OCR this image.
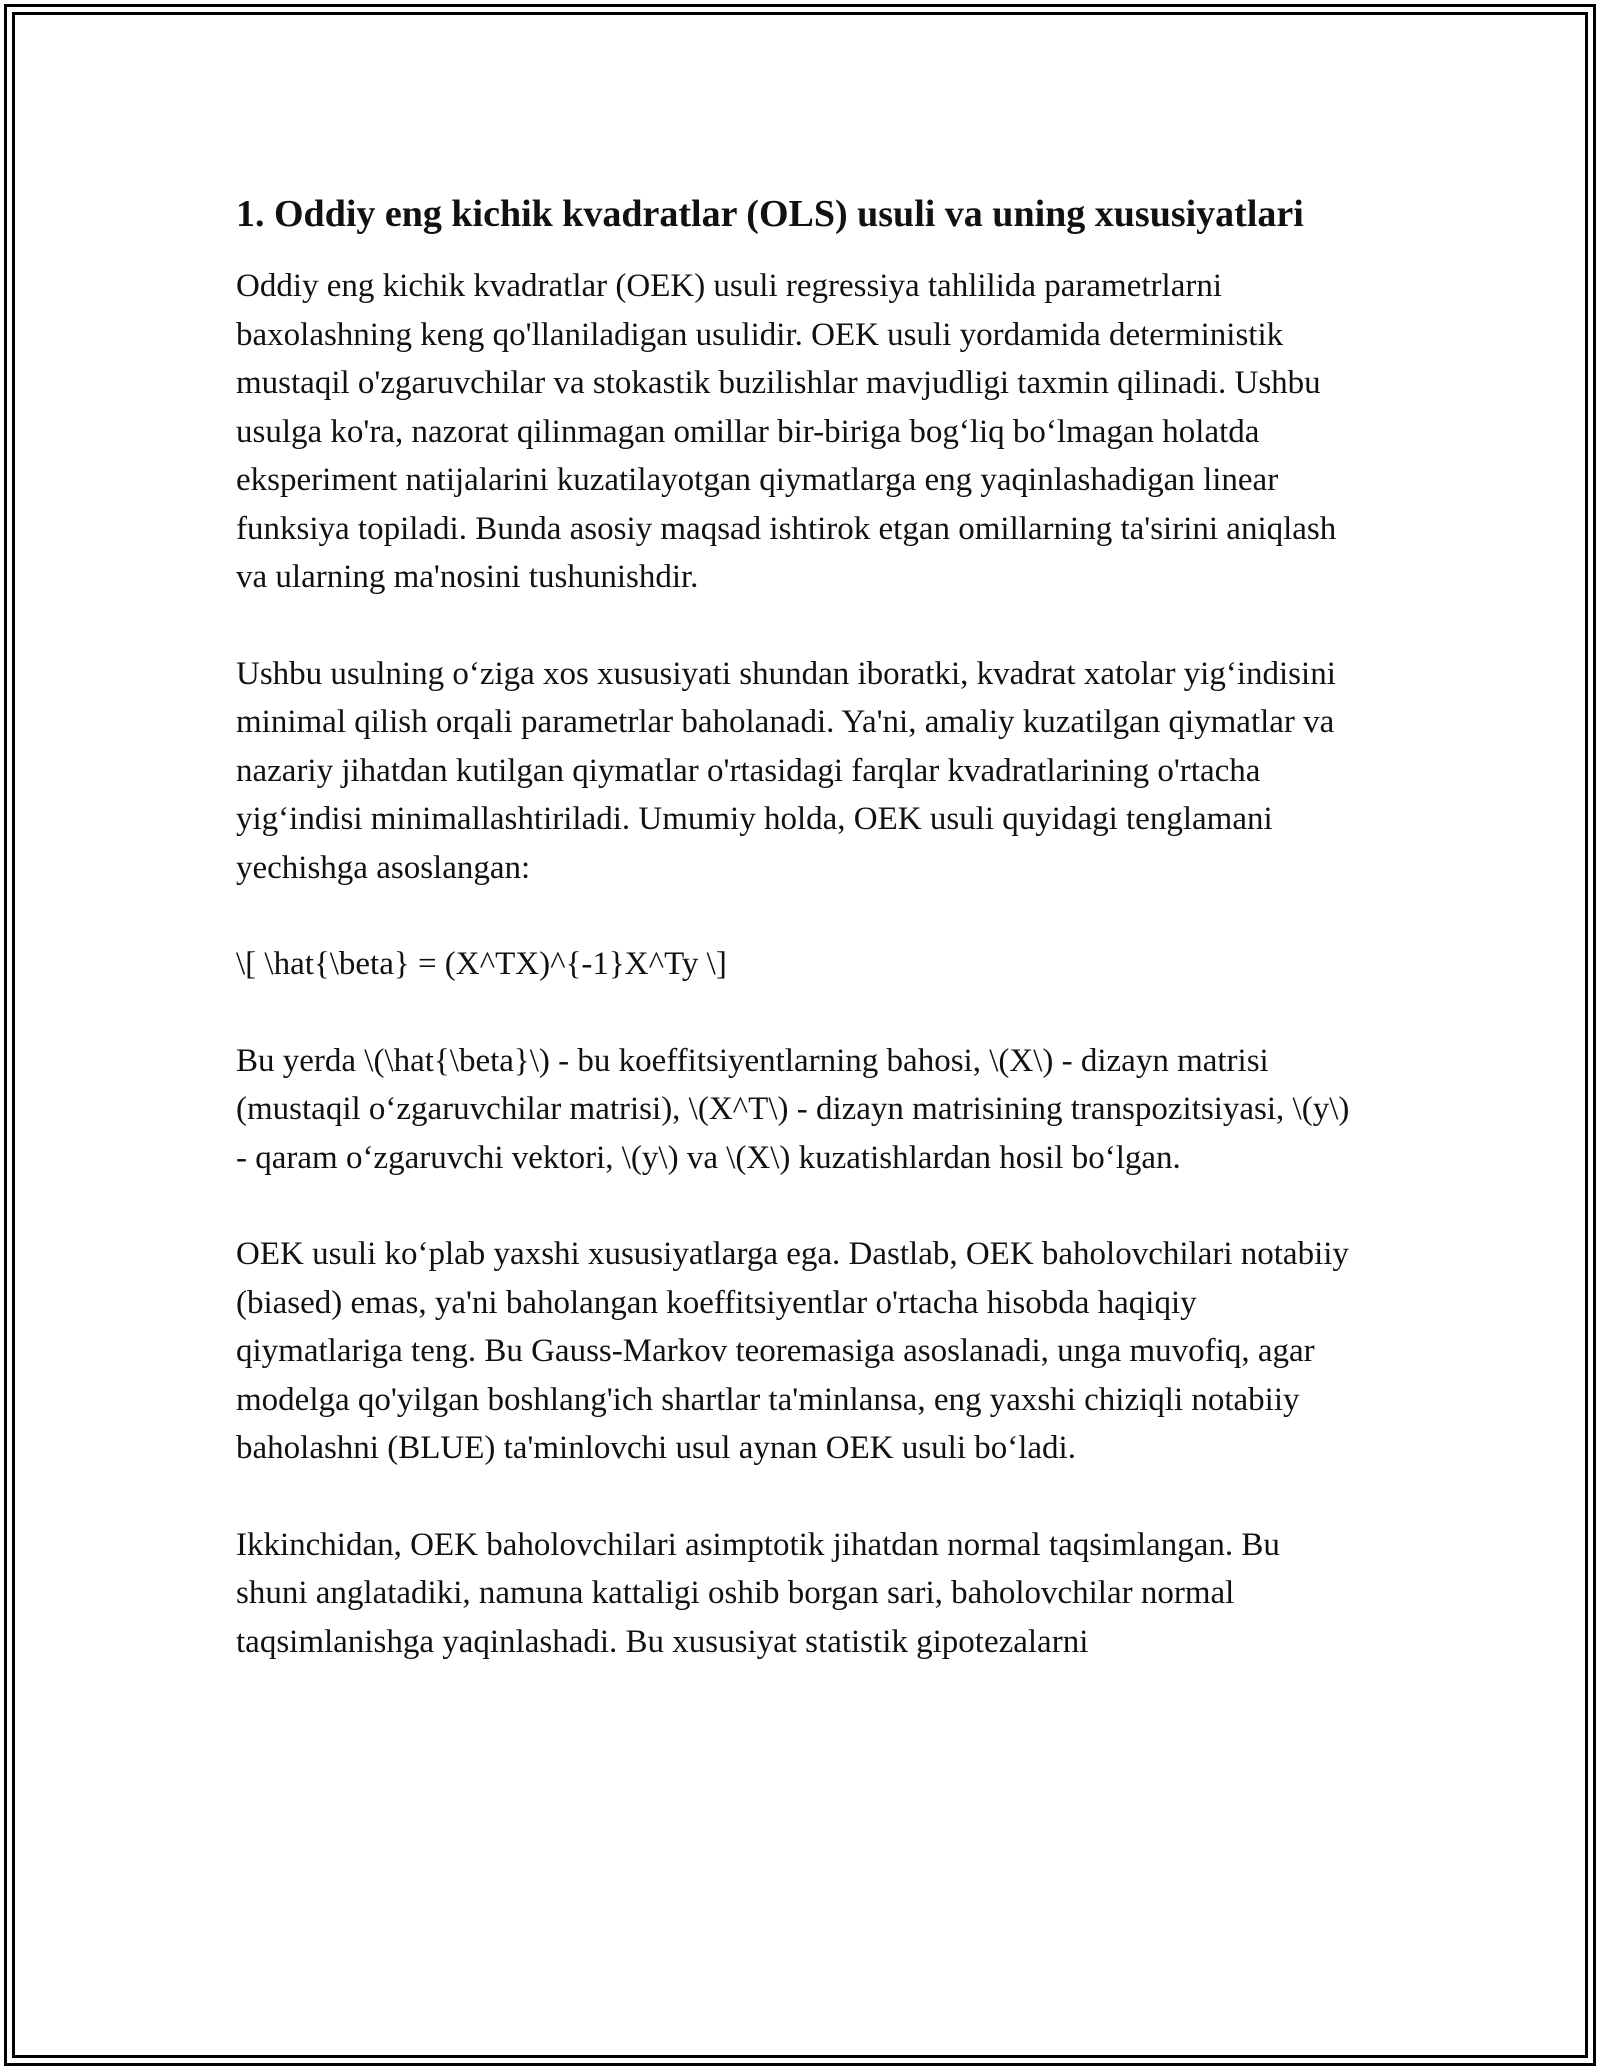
1. Oddiy eng kichik kvadratlar (OLS) usuli va uning xususiyatlari

Oddiy eng kichik kvadratlar (OEK) usuli regressiya tahlilida parametrlarni baxolashning keng qo'llaniladigan usulidir. OEK usuli yordamida deterministik mustaqil o'zgaruvchilar va stokastik buzilishlar mavjudligi taxmin qilinadi. Ushbu usulga ko'ra, nazorat qilinmagan omillar bir-biriga bog‘liq bo‘lmagan holatda eksperiment natijalarini kuzatilayotgan qiymatlarga eng yaqinlashadigan linear funksiya topiladi. Bunda asosiy maqsad ishtirok etgan omillarning ta'sirini aniqlash va ularning ma'nosini tushunishdir.

Ushbu usulning o‘ziga xos xususiyati shundan iboratki, kvadrat xatolar yig‘indisini minimal qilish orqali parametrlar baholanadi. Ya'ni, amaliy kuzatilgan qiymatlar va nazariy jihatdan kutilgan qiymatlar o'rtasidagi farqlar kvadratlarining o'rtacha yig‘indisi minimallashtiriladi. Umumiy holda, OEK usuli quyidagi tenglamani yechishga asoslangan:

\[ \hat{\beta} = (X^TX)^{-1}X^Ty \]

Bu yerda \(\hat{\beta}\) - bu koeffitsiyentlarning bahosi, \(X\) - dizayn matrisi (mustaqil o‘zgaruvchilar matrisi), \(X^T\) - dizayn matrisining transpozitsiyasi, \(y\) - qaram o‘zgaruvchi vektori, \(y\) va \(X\) kuzatishlardan hosil bo‘lgan.

OEK usuli ko‘plab yaxshi xususiyatlarga ega. Dastlab, OEK baholovchilari notabiiy (biased) emas, ya'ni baholangan koeffitsiyentlar o'rtacha hisobda haqiqiy qiymatlariga teng. Bu Gauss-Markov teoremasiga asoslanadi, unga muvofiq, agar modelga qo'yilgan boshlang'ich shartlar ta'minlansa, eng yaxshi chiziqli notabiiy baholashni (BLUE) ta'minlovchi usul aynan OEK usuli bo‘ladi.

Ikkinchidan, OEK baholovchilari asimptotik jihatdan normal taqsimlangan. Bu shuni anglatadiki, namuna kattaligi oshib borgan sari, baholovchilar normal taqsimlanishga yaqinlashadi. Bu xususiyat statistik gipotezalarni
